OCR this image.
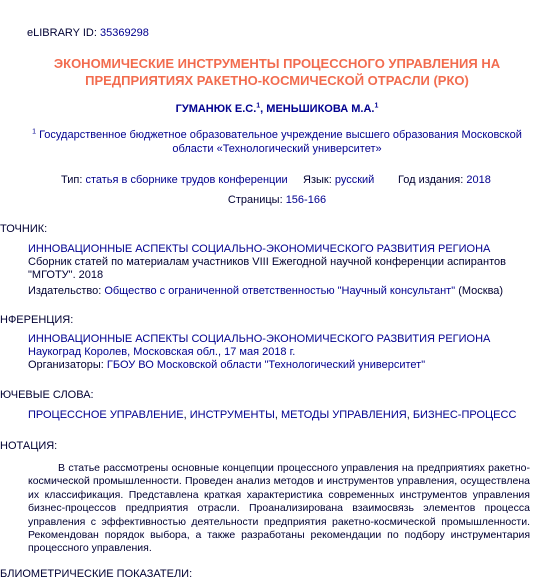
eLIBRARY ID: 35369298
ЭКОНОМИЧЕСКИЕ ИНСТРУМЕНТЫ ПРОЦЕССНОГО УПРАВЛЕНИЯ НА
ПРЕДПРИЯТИЯХ РАКЕТНО-КОСМИЧЕСКОЙ ОТРАСЛИ (РКО)
ГУМАНЮК Е.С.$^1$, МЕНЬШИКОВА М.А.$^1$
$^1$ Государственное бюджетное образовательное учреждение высшего образования Московской
области «Технологический университет»
Тип: статья в сборнике трудов конференции Язык: русский Год издания: 2018
Страницы: 156-166
ТОЧНИК:
ИННОВАЦИОННЫЕ АСПЕКТЫ СОЦИАЛЬНО-ЭКОНОМИЧЕСКОГО РАЗВИТИЯ РЕГИОНА
Сборник статей по материалам участников VIII Ежегодной научной конференции аспирантов
"МГОТУ". 2018
Издательство: Общество с ограниченной ответственностью "Научный консультант" (Москва)
НФЕРЕНЦИЯ:
ИННОВАЦИОННЫЕ АСПЕКТЫ СОЦИАЛЬНО-ЭКОНОМИЧЕСКОГО РАЗВИТИЯ РЕГИОНА
Наукоград Королев, Московская обл., 17 мая 2018 г.
Организаторы: ГБОУ ВО Московской области "Технологический университет"
ЮЧЕВЫЕ СЛОВА:
ПРОЦЕССНОЕ УПРАВЛЕНИЕ, ИНСТРУМЕНТЫ, МЕТОДЫ УПРАВЛЕНИЯ, БИЗНЕС-ПРОЦЕСС
НОТАЦИЯ:
В статье рассмотрены основные концепции процессного управления на предприятиях ракетно-космической промышленности. Проведен анализ методов и инструментов управления, осуществлена их классификация. Представлена краткая характеристика современных инструментов управления бизнес-процессов предприятия отрасли. Проанализирована взаимосвязь элементов процесса управления с эффективностью деятельности предприятия ракетно-космической промышленности. Рекомендован порядок выбора, а также разработаны рекомендации по подбору инструментария процессного управления.
БЛИОМЕТРИЧЕСКИЕ ПОКАЗАТЕЛИ:
